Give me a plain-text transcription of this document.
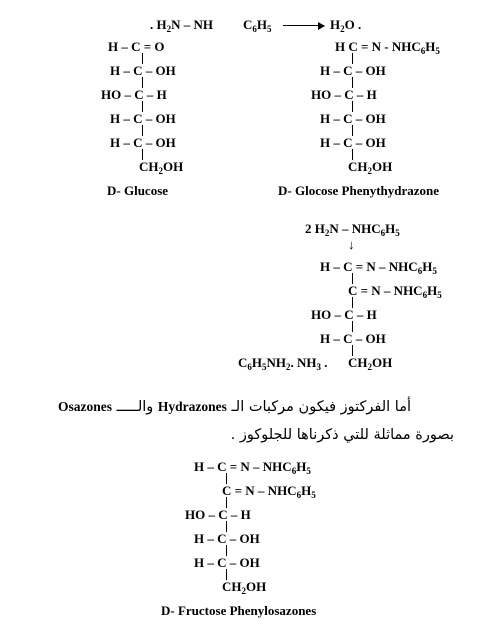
. $H_2N$ – NH $C_6H_5 \to H_2O$ .
H – C = O
H – C – OH
HO – C – H
H – C – OH
H – C – OH
$CH_2OH$
D- Glucose
H $C = N - NHC_6H_5$
H – C – OH
HO – C – H
H – C – OH
H – C – OH
$CH_2OH$
D- Glocose Phenythydrazone
2 $H_2N - NHC_6H_5$
↓
$H - C = N - NHC_6H_5$
$C = N - NHC_6H_5$
HO – C – H
H – C – OH
$C_6H_5NH_2$. $NH_3$ . $CH_2OH$
أما الفركتوز فيكون مركبات الـ Hydrazones والـــــ Osazones
بصورة مماثلة للتي ذكرناها للجلوكوز .
$H - C = N - NHC_6H_5$
$C = N - NHC_6H_5$
HO – C – H
H – C – OH
H – C – OH
$CH_2OH$
D- Fructose Phenylosazones
